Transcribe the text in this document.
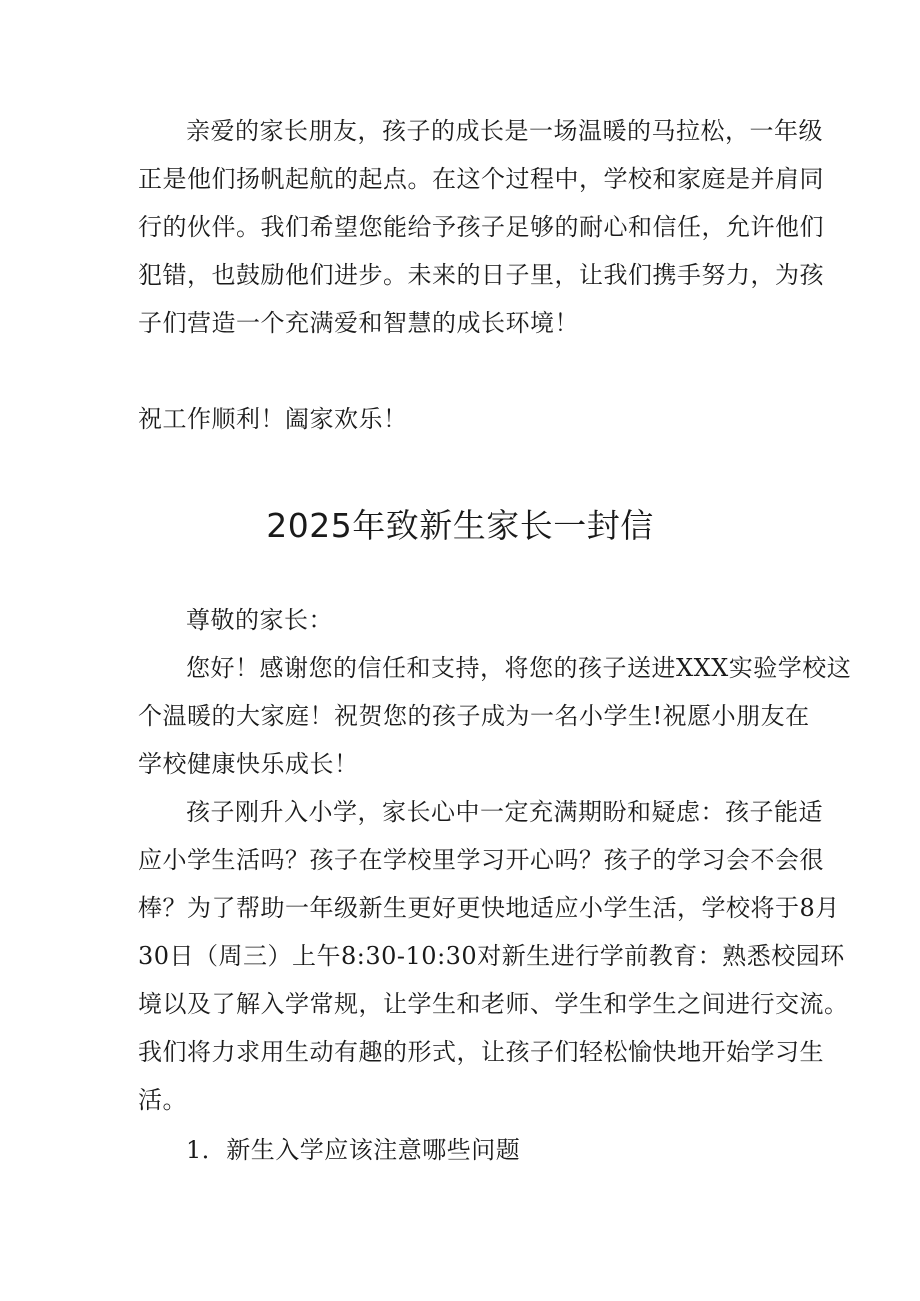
亲爱的家长朋友，孩子的成长是一场温暖的马拉松，一年级
正是他们扬帆起航的起点。在这个过程中，学校和家庭是并肩同
行的伙伴。我们希望您能给予孩子足够的耐心和信任，允许他们
犯错，也鼓励他们进步。未来的日子里，让我们携手努力，为孩
子们营造一个充满爱和智慧的成长环境！
祝工作顺利！阖家欢乐！
2025年致新生家长一封信
尊敬的家长：
您好！感谢您的信任和支持，将您的孩子送进XXX实验学校这
个温暖的大家庭！祝贺您的孩子成为一名小学生!祝愿小朋友在
学校健康快乐成长！
孩子刚升入小学，家长心中一定充满期盼和疑虑：孩子能适
应小学生活吗？孩子在学校里学习开心吗？孩子的学习会不会很
棒？为了帮助一年级新生更好更快地适应小学生活，学校将于8月
30日（周三）上午8:30-10:30对新生进行学前教育：熟悉校园环
境以及了解入学常规，让学生和老师、学生和学生之间进行交流。
我们将力求用生动有趣的形式，让孩子们轻松愉快地开始学习生
活。
1．新生入学应该注意哪些问题
